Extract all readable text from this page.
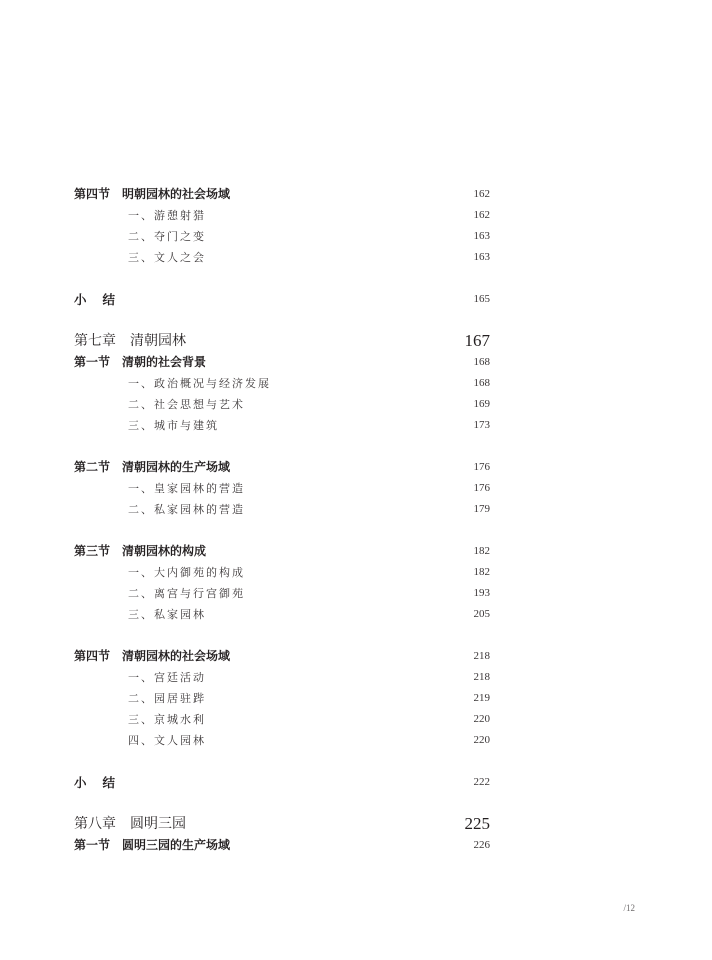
第四节 明朝园林的社会场域	162
一、游憩射猎	162
二、夺门之变	163
三、文人之会	163
小结	165
第七章 清朝园林	167
第一节 清朝的社会背景	168
一、政治概况与经济发展	168
二、社会思想与艺术	169
三、城市与建筑	173
第二节 清朝园林的生产场域	176
一、皇家园林的营造	176
二、私家园林的营造	179
第三节 清朝园林的构成	182
一、大内御苑的构成	182
二、离宫与行宫御苑	193
三、私家园林	205
第四节 清朝园林的社会场域	218
一、宫廷活动	218
二、园居驻跸	219
三、京城水利	220
四、文人园林	220
小结	222
第八章 圆明三园	225
第一节 圆明三园的生产场域	226
/12
